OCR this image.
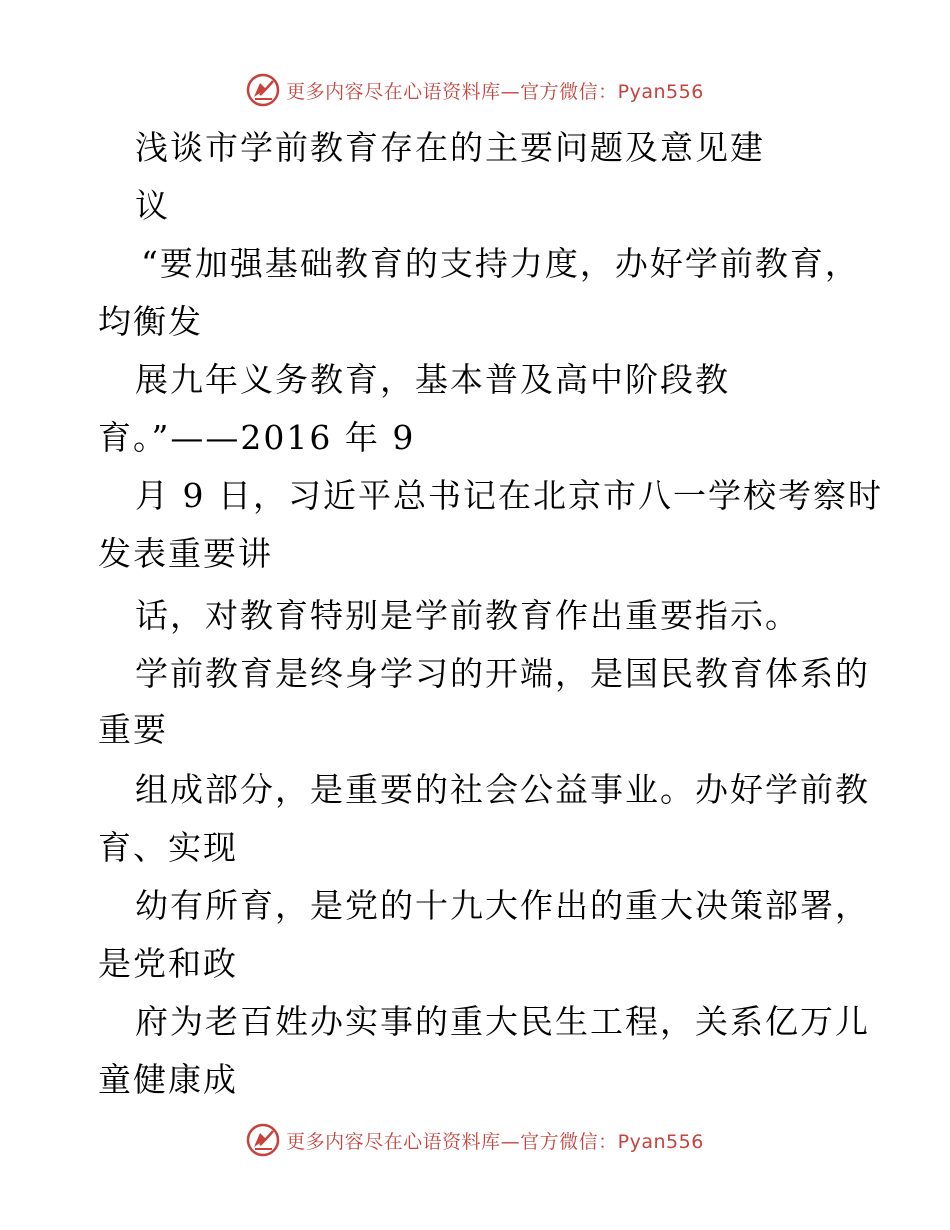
更多内容尽在心语资料库—官方微信：Pyan556
浅谈市学前教育存在的主要问题及意见建
议
“要加强基础教育的支持力度，办好学前教育，
均衡发
展九年义务教育，基本普及高中阶段教
育。”——2016 年 9
月 9 日，习近平总书记在北京市八一学校考察时
发表重要讲
话，对教育特别是学前教育作出重要指示。
学前教育是终身学习的开端，是国民教育体系的
重要
组成部分，是重要的社会公益事业。办好学前教
育、实现
幼有所育，是党的十九大作出的重大决策部署，
是党和政
府为老百姓办实事的重大民生工程，关系亿万儿
童健康成
更多内容尽在心语资料库—官方微信：Pyan556
